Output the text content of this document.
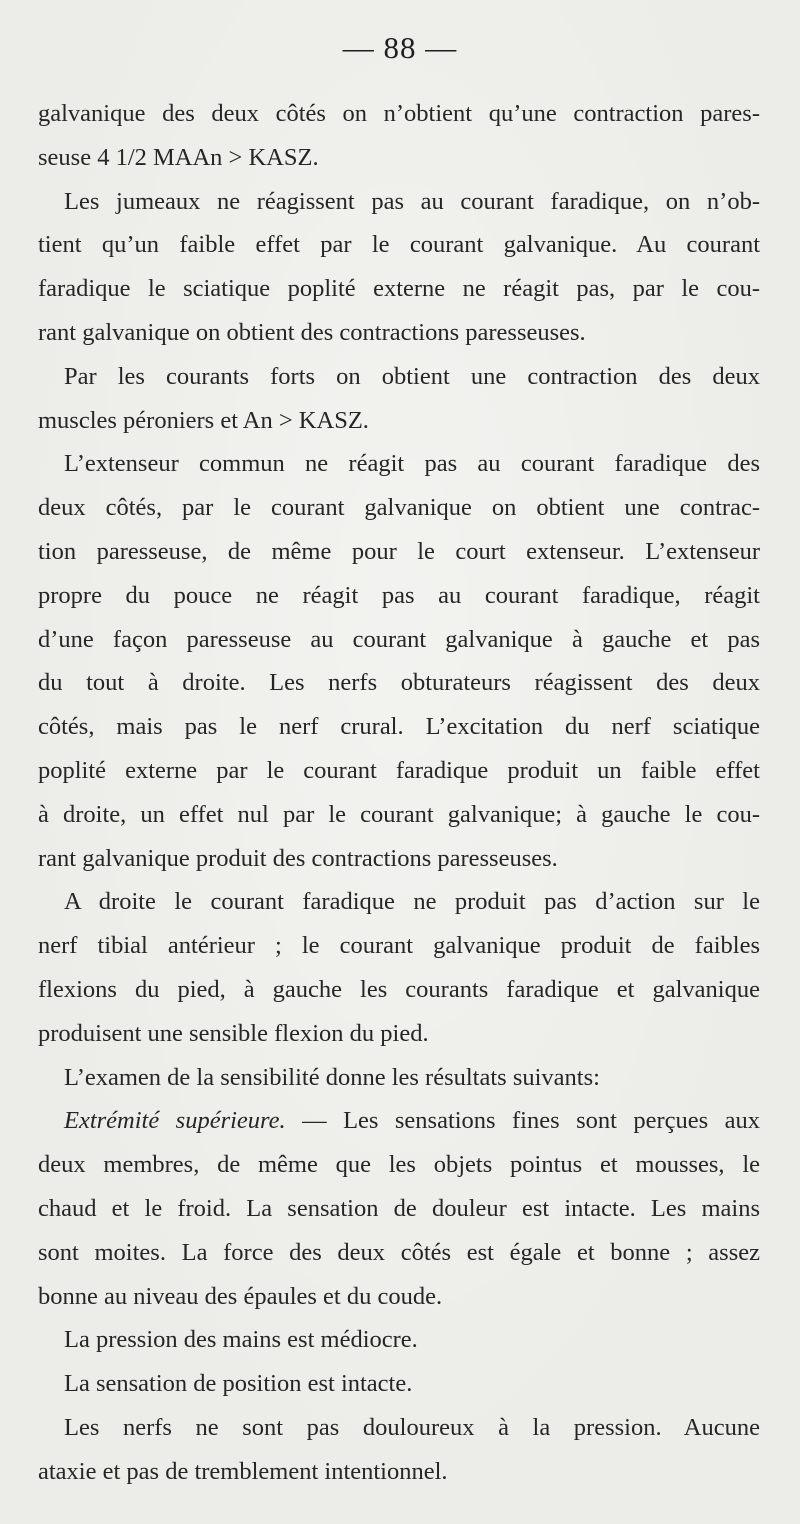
— 88 —
galvanique des deux côtés on n’obtient qu’une contraction pares-
seuse 4 1/2 MAAn > KASZ.
Les jumeaux ne réagissent pas au courant faradique, on n’ob-
tient qu’un faible effet par le courant galvanique. Au courant
faradique le sciatique poplité externe ne réagit pas, par le cou-
rant galvanique on obtient des contractions paresseuses.
Par les courants forts on obtient une contraction des deux
muscles péroniers et An > KASZ.
L’extenseur commun ne réagit pas au courant faradique des
deux côtés, par le courant galvanique on obtient une contrac-
tion paresseuse, de même pour le court extenseur. L’extenseur
propre du pouce ne réagit pas au courant faradique, réagit
d’une façon paresseuse au courant galvanique à gauche et pas
du tout à droite. Les nerfs obturateurs réagissent des deux
côtés, mais pas le nerf crural. L’excitation du nerf sciatique
poplité externe par le courant faradique produit un faible effet
à droite, un effet nul par le courant galvanique; à gauche le cou-
rant galvanique produit des contractions paresseuses.
A droite le courant faradique ne produit pas d’action sur le
nerf tibial antérieur ; le courant galvanique produit de faibles
flexions du pied, à gauche les courants faradique et galvanique
produisent une sensible flexion du pied.
L’examen de la sensibilité donne les résultats suivants:
Extrémité supérieure. — Les sensations fines sont perçues aux
deux membres, de même que les objets pointus et mousses, le
chaud et le froid. La sensation de douleur est intacte. Les mains
sont moites. La force des deux côtés est égale et bonne ; assez
bonne au niveau des épaules et du coude.
La pression des mains est médiocre.
La sensation de position est intacte.
Les nerfs ne sont pas douloureux à la pression. Aucune
ataxie et pas de tremblement intentionnel.
